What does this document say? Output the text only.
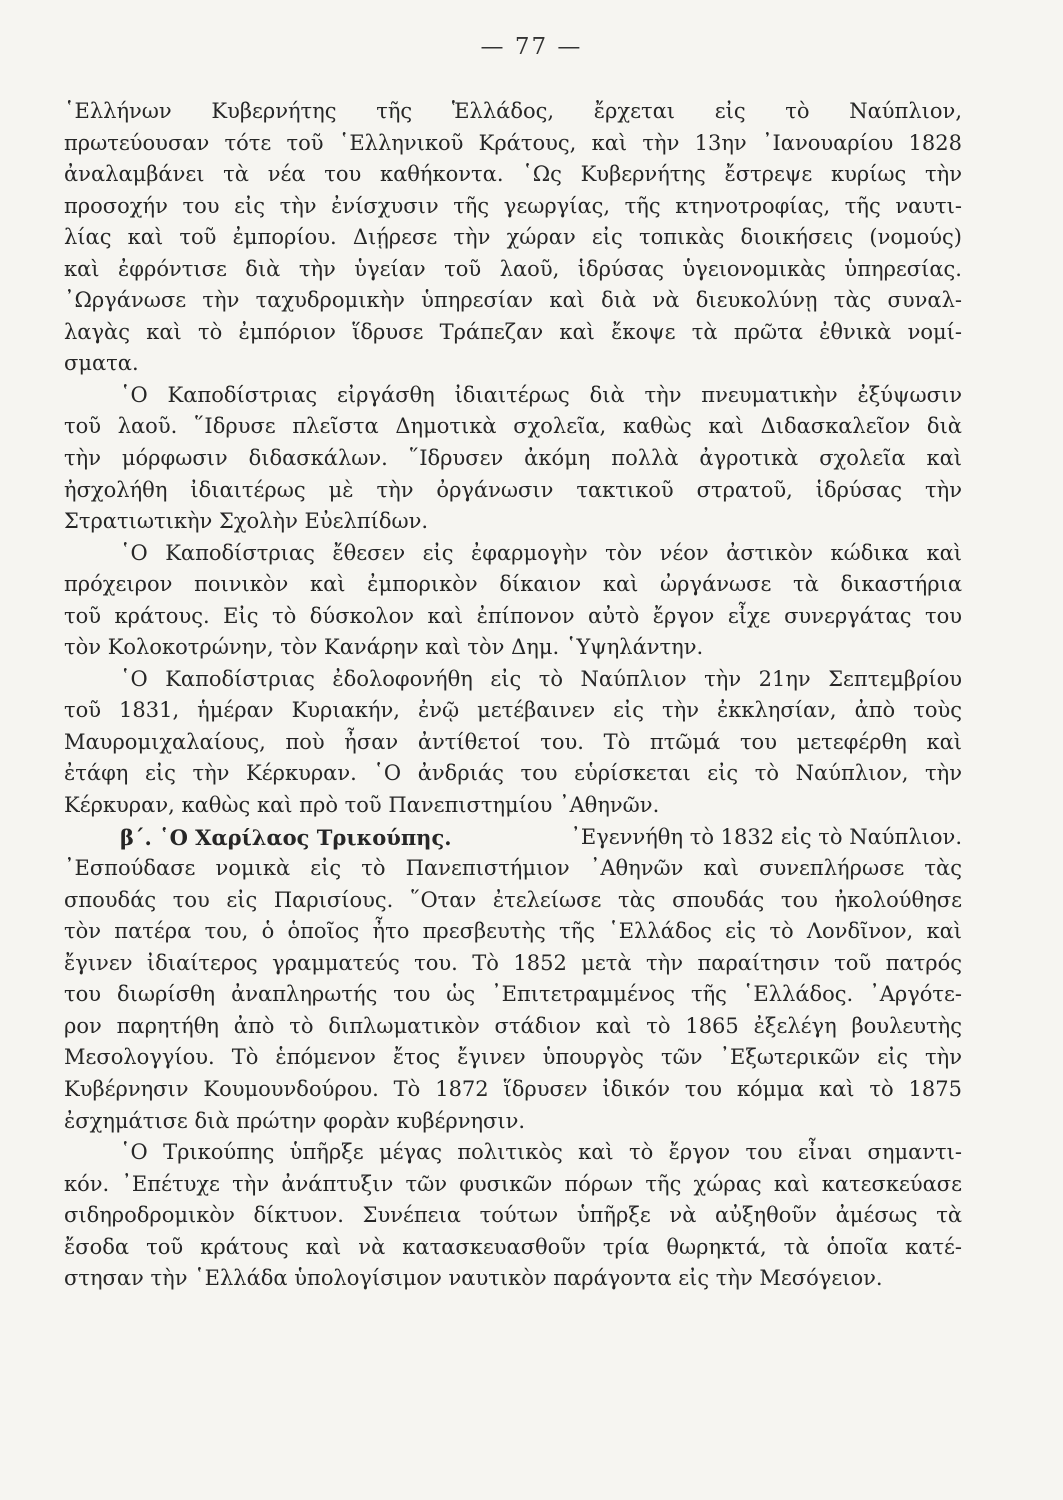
— 77 —
῾Ελλήνων Κυβερνήτης τῆς Ἑλλάδος, ἔρχεται εἰς τὸ Ναύπλιον,
πρωτεύουσαν τότε τοῦ ῾Ελληνικοῦ Κράτους, καὶ τὴν 13ην ᾿Ιανουαρίου 1828
ἀναλαμβάνει τὰ νέα του καθήκοντα. ῾Ως Κυβερνήτης ἔστρεψε κυρίως τὴν
προσοχήν του εἰς τὴν ἐνίσχυσιν τῆς γεωργίας, τῆς κτηνοτροφίας, τῆς ναυτι-
λίας καὶ τοῦ ἐμπορίου. Διῄρεσε τὴν χώραν εἰς τοπικὰς διοικήσεις (νομούς)
καὶ ἐφρόντισε διὰ τὴν ὑγείαν τοῦ λαοῦ, ἱδρύσας ὑγειονομικὰς ὑπηρεσίας.
᾿Ωργάνωσε τὴν ταχυδρομικὴν ὑπηρεσίαν καὶ διὰ νὰ διευκολύνῃ τὰς συναλ-
λαγὰς καὶ τὸ ἐμπόριον ἵδρυσε Τράπεζαν καὶ ἔκοψε τὰ πρῶτα ἐθνικὰ νομί-
σματα.
῾Ο Καποδίστριας εἰργάσθη ἰδιαιτέρως διὰ τὴν πνευματικὴν ἐξύψωσιν
τοῦ λαοῦ. ῞Ιδρυσε πλεῖστα Δημοτικὰ σχολεῖα, καθὼς καὶ Διδασκαλεῖον διὰ
τὴν μόρφωσιν διδασκάλων. ῞Ιδρυσεν ἀκόμη πολλὰ ἀγροτικὰ σχολεῖα καὶ
ἠσχολήθη ἰδιαιτέρως μὲ τὴν ὀργάνωσιν τακτικοῦ στρατοῦ, ἱδρύσας τὴν
Στρατιωτικὴν Σχολὴν Εὐελπίδων.
῾Ο Καποδίστριας ἔθεσεν εἰς ἐφαρμογὴν τὸν νέον ἀστικὸν κώδικα καὶ
πρόχειρον ποινικὸν καὶ ἐμπορικὸν δίκαιον καὶ ὠργάνωσε τὰ δικαστήρια
τοῦ κράτους. Εἰς τὸ δύσκολον καὶ ἐπίπονον αὐτὸ ἔργον εἶχε συνεργάτας του
τὸν Κολοκοτρώνην, τὸν Κανάρην καὶ τὸν Δημ. ῾Υψηλάντην.
῾Ο Καποδίστριας ἐδολοφονήθη εἰς τὸ Ναύπλιον τὴν 21ην Σεπτεμβρίου
τοῦ 1831, ἡμέραν Κυριακήν, ἐνῷ μετέβαινεν εἰς τὴν ἐκκλησίαν, ἀπὸ τοὺς
Μαυρομιχαλαίους, ποὺ ἦσαν ἀντίθετοί του. Τὸ πτῶμά του μετεφέρθη καὶ
ἐτάφη εἰς τὴν Κέρκυραν. ῾Ο ἀνδριάς του εὑρίσκεται εἰς τὸ Ναύπλιον, τὴν
Κέρκυραν, καθὼς καὶ πρὸ τοῦ Πανεπιστημίου ᾿Αθηνῶν.
β΄. ῾Ο Χαρίλαος Τρικούπης.	᾿Εγεννήθη τὸ 1832 εἰς τὸ Ναύπλιον.
᾿Εσπούδασε νομικὰ εἰς τὸ Πανεπιστήμιον ᾿Αθηνῶν καὶ συνεπλήρωσε τὰς
σπουδάς του εἰς Παρισίους. ῞Οταν ἐτελείωσε τὰς σπουδάς του ἠκολούθησε
τὸν πατέρα του, ὁ ὁποῖος ἦτο πρεσβευτὴς τῆς ῾Ελλάδος εἰς τὸ Λονδῖνον, καὶ
ἔγινεν ἰδιαίτερος γραμματεύς του. Τὸ 1852 μετὰ τὴν παραίτησιν τοῦ πατρός
του διωρίσθη ἀναπληρωτής του ὡς ᾿Επιτετραμμένος τῆς ῾Ελλάδος. ᾿Αργότε-
ρον παρητήθη ἀπὸ τὸ διπλωματικὸν στάδιον καὶ τὸ 1865 ἐξελέγη βουλευτὴς
Μεσολογγίου. Τὸ ἑπόμενον ἔτος ἔγινεν ὑπουργὸς τῶν ᾿Εξωτερικῶν εἰς τὴν
Κυβέρνησιν Κουμουνδούρου. Τὸ 1872 ἵδρυσεν ἰδικόν του κόμμα καὶ τὸ 1875
ἐσχημάτισε διὰ πρώτην φορὰν κυβέρνησιν.
῾Ο Τρικούπης ὑπῆρξε μέγας πολιτικὸς καὶ τὸ ἔργον του εἶναι σημαντι-
κόν. ᾿Επέτυχε τὴν ἀνάπτυξιν τῶν φυσικῶν πόρων τῆς χώρας καὶ κατεσκεύασε
σιδηροδρομικὸν δίκτυον. Συνέπεια τούτων ὑπῆρξε νὰ αὐξηθοῦν ἀμέσως τὰ
ἔσοδα τοῦ κράτους καὶ νὰ κατασκευασθοῦν τρία θωρηκτά, τὰ ὁποῖα κατέ-
στησαν τὴν ῾Ελλάδα ὑπολογίσιμον ναυτικὸν παράγοντα εἰς τὴν Μεσόγειον.
